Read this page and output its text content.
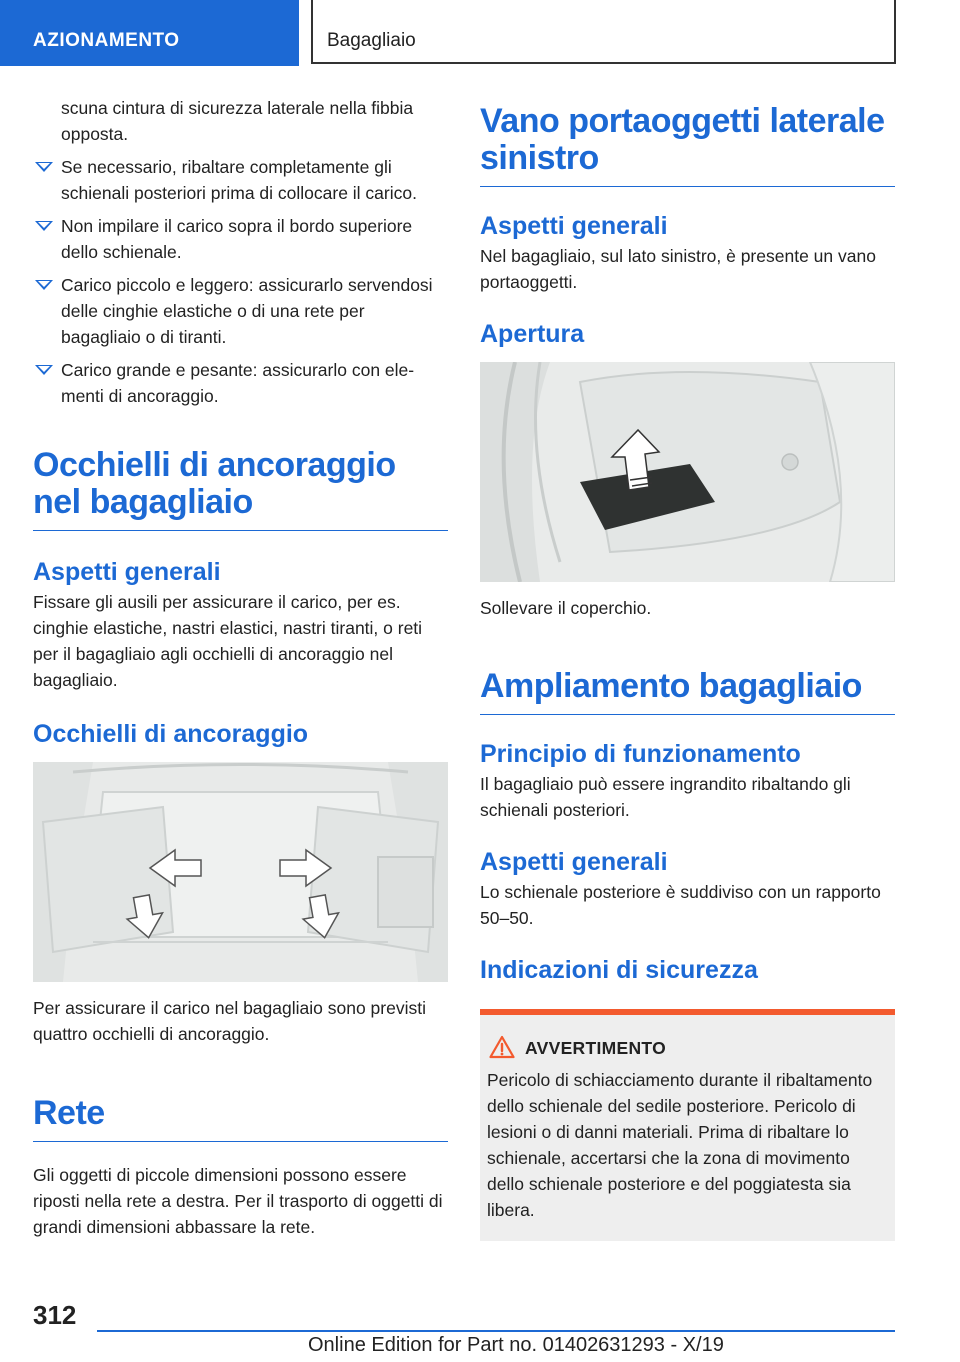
AZIONAMENTO	Bagagliaio
scuna cintura di sicurezza laterale nella fibbia opposta.
Se necessario, ribaltare completamente gli schienali posteriori prima di collocare il carico.
Non impilare il carico sopra il bordo superiore dello schienale.
Carico piccolo e leggero: assicurarlo servendosi delle cinghie elastiche o di una rete per bagagliaio o di tiranti.
Carico grande e pesante: assicurarlo con elementi di ancoraggio.
Occhielli di ancoraggio nel bagagliaio
Aspetti generali
Fissare gli ausili per assicurare il carico, per es. cinghie elastiche, nastri elastici, nastri tiranti, o reti per il bagagliaio agli occhielli di ancoraggio nel bagagliaio.
Occhielli di ancoraggio
Per assicurare il carico nel bagagliaio sono previsti quattro occhielli di ancoraggio.
Rete
Gli oggetti di piccole dimensioni possono essere riposti nella rete a destra. Per il trasporto di oggetti di grandi dimensioni abbassare la rete.
Vano portaoggetti laterale sinistro
Aspetti generali
Nel bagagliaio, sul lato sinistro, è presente un vano portaoggetti.
Apertura
Sollevare il coperchio.
Ampliamento bagagliaio
Principio di funzionamento
Il bagagliaio può essere ingrandito ribaltando gli schienali posteriori.
Aspetti generali
Lo schienale posteriore è suddiviso con un rapporto 50–50.
Indicazioni di sicurezza
AVVERTIMENTO
Pericolo di schiacciamento durante il ribaltamento dello schienale del sedile posteriore. Pericolo di lesioni o di danni materiali. Prima di ribaltare lo schienale, accertarsi che la zona di movimento dello schienale posteriore e del poggiatesta sia libera.
312
Online Edition for Part no. 01402631293 - X/19
